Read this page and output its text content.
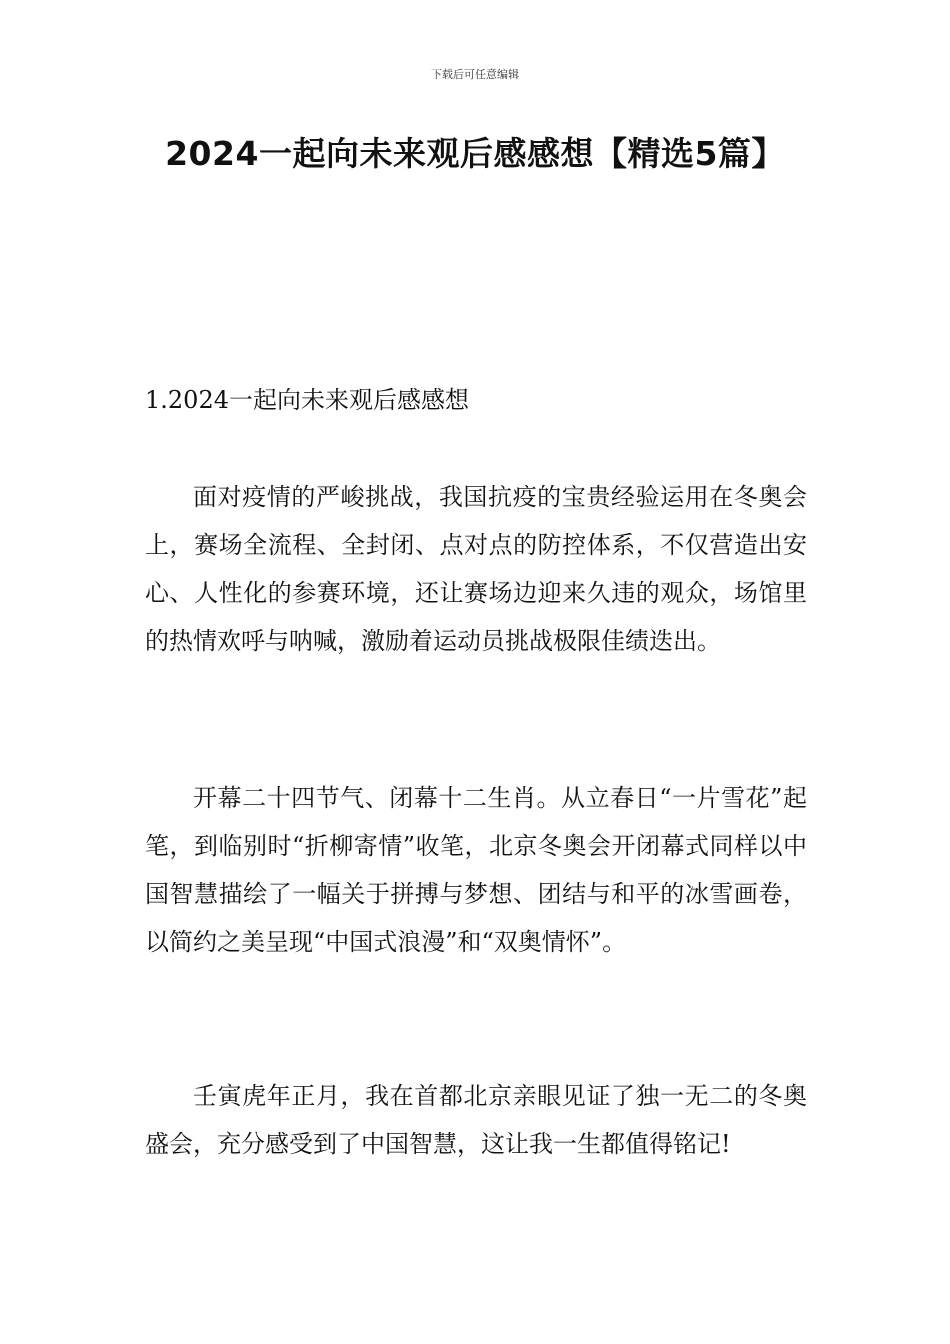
下载后可任意编辑
2024一起向未来观后感感想【精选5篇】
1.2024一起向未来观后感感想

面对疫情的严峻挑战，我国抗疫的宝贵经验运用在冬奥会上，赛场全流程、全封闭、点对点的防控体系，不仅营造出安心、人性化的参赛环境，还让赛场边迎来久违的观众，场馆里的热情欢呼与呐喊，激励着运动员挑战极限佳绩迭出。

开幕二十四节气、闭幕十二生肖。从立春日“一片雪花”起笔，到临别时“折柳寄情”收笔，北京冬奥会开闭幕式同样以中国智慧描绘了一幅关于拼搏与梦想、团结与和平的冰雪画卷，以简约之美呈现“中国式浪漫”和“双奥情怀”。

壬寅虎年正月，我在首都北京亲眼见证了独一无二的冬奥盛会，充分感受到了中国智慧，这让我一生都值得铭记!
